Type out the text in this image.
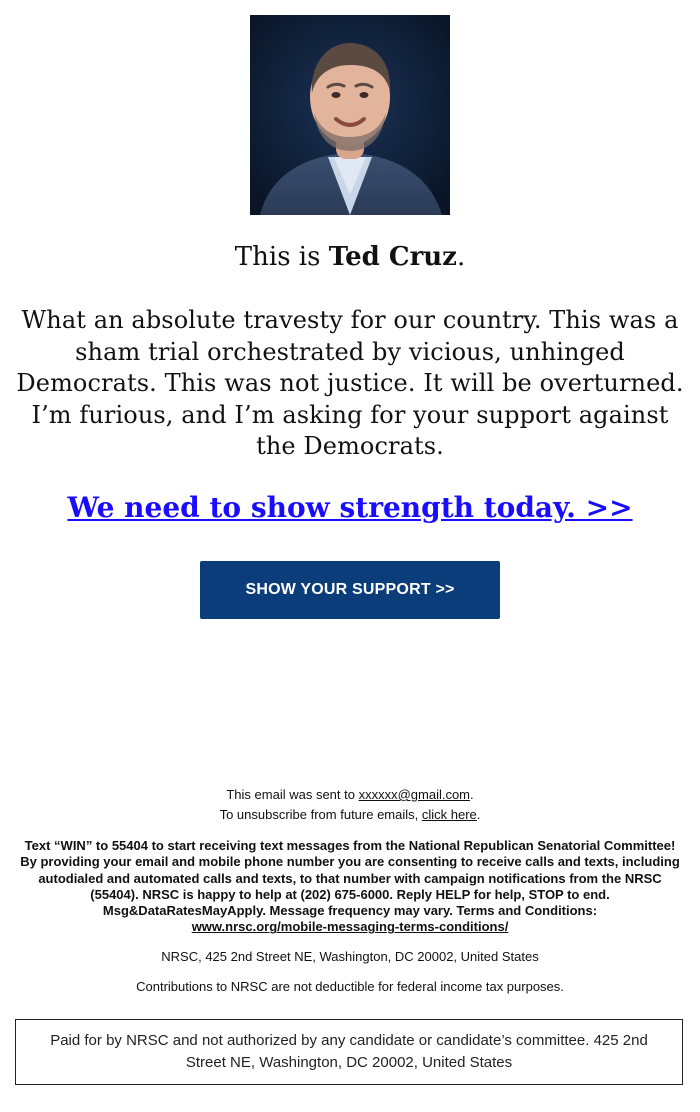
This is Ted Cruz.
What an absolute travesty for our country. This was a sham trial orchestrated by vicious, unhinged Democrats. This was not justice. It will be overturned. I’m furious, and I’m asking for your support against the Democrats.
We need to show strength today. >>
SHOW YOUR SUPPORT >>
This email was sent to xxxxxx@gmail.com.
To unsubscribe from future emails, click here.
Text “WIN” to 55404 to start receiving text messages from the National Republican Senatorial Committee! By providing your email and mobile phone number you are consenting to receive calls and texts, including autodialed and automated calls and texts, to that number with campaign notifications from the NRSC (55404). NRSC is happy to help at (202) 675-6000. Reply HELP for help, STOP to end. Msg&DataRatesMayApply. Message frequency may vary. Terms and Conditions:
www.nrsc.org/mobile-messaging-terms-conditions/
NRSC, 425 2nd Street NE, Washington, DC 20002, United States
Contributions to NRSC are not deductible for federal income tax purposes.
Paid for by NRSC and not authorized by any candidate or candidate’s committee. 425 2nd Street NE, Washington, DC 20002, United States
